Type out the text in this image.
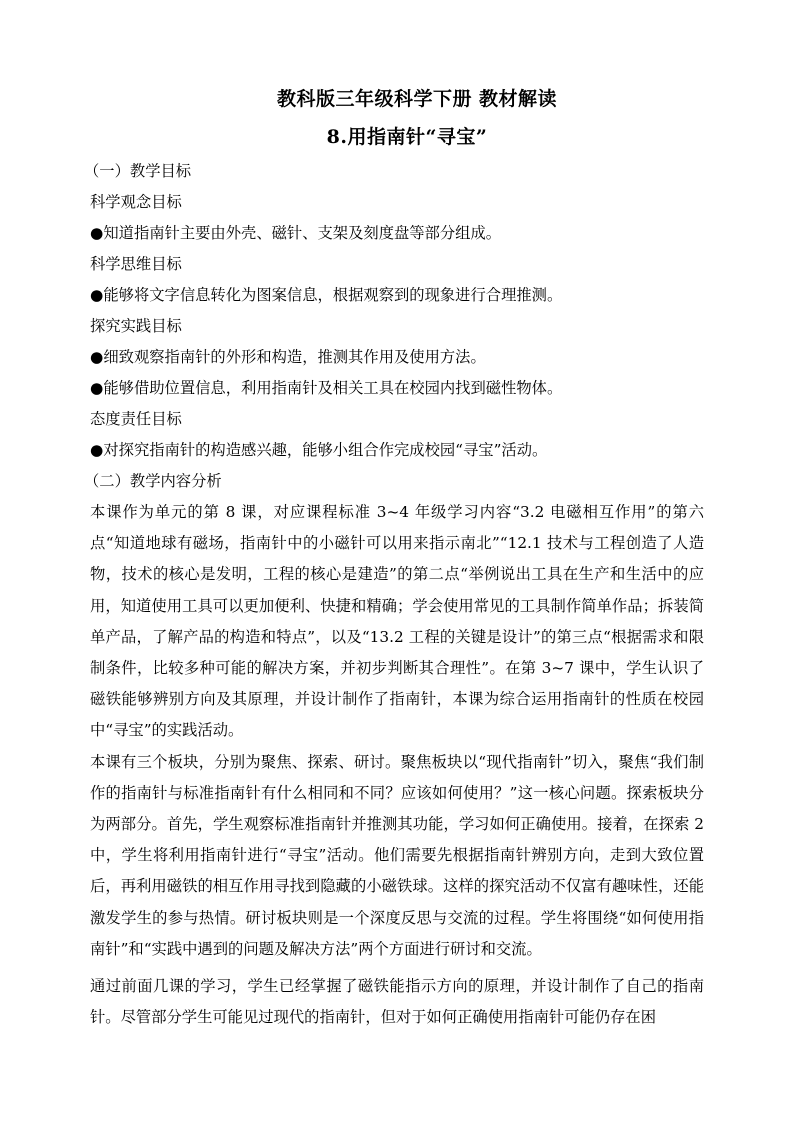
教科版三年级科学下册 教材解读
8.用指南针“寻宝”

（一）教学目标

科学观念目标

●知道指南针主要由外壳、磁针、支架及刻度盘等部分组成。

科学思维目标

●能够将文字信息转化为图案信息，根据观察到的现象进行合理推测。

探究实践目标

●细致观察指南针的外形和构造，推测其作用及使用方法。

●能够借助位置信息，利用指南针及相关工具在校园内找到磁性物体。

态度责任目标

●对探究指南针的构造感兴趣，能够小组合作完成校园“寻宝”活动。

（二）教学内容分析

本课作为单元的第 8 课，对应课程标准 3~4 年级学习内容“3.2 电磁相互作用”的第六点“知道地球有磁场，指南针中的小磁针可以用来指示南北”“12.1 技术与工程创造了人造物，技术的核心是发明，工程的核心是建造”的第二点“举例说出工具在生产和生活中的应用，知道使用工具可以更加便利、快捷和精确；学会使用常见的工具制作简单作品；拆装简单产品，了解产品的构造和特点”，以及“13.2 工程的关键是设计”的第三点“根据需求和限制条件，比较多种可能的解决方案，并初步判断其合理性”。在第 3~7 课中，学生认识了磁铁能够辨别方向及其原理，并设计制作了指南针，本课为综合运用指南针的性质在校园中“寻宝”的实践活动。

本课有三个板块，分别为聚焦、探索、研讨。聚焦板块以“现代指南针”切入，聚焦“我们制作的指南针与标准指南针有什么相同和不同？应该如何使用？”这一核心问题。探索板块分为两部分。首先，学生观察标准指南针并推测其功能，学习如何正确使用。接着，在探索 2 中，学生将利用指南针进行“寻宝”活动。他们需要先根据指南针辨别方向，走到大致位置后，再利用磁铁的相互作用寻找到隐藏的小磁铁球。这样的探究活动不仅富有趣味性，还能激发学生的参与热情。研讨板块则是一个深度反思与交流的过程。学生将围绕“如何使用指南针”和“实践中遇到的问题及解决方法”两个方面进行研讨和交流。

通过前面几课的学习，学生已经掌握了磁铁能指示方向的原理，并设计制作了自己的指南针。尽管部分学生可能见过现代的指南针，但对于如何正确使用指南针可能仍存在困
